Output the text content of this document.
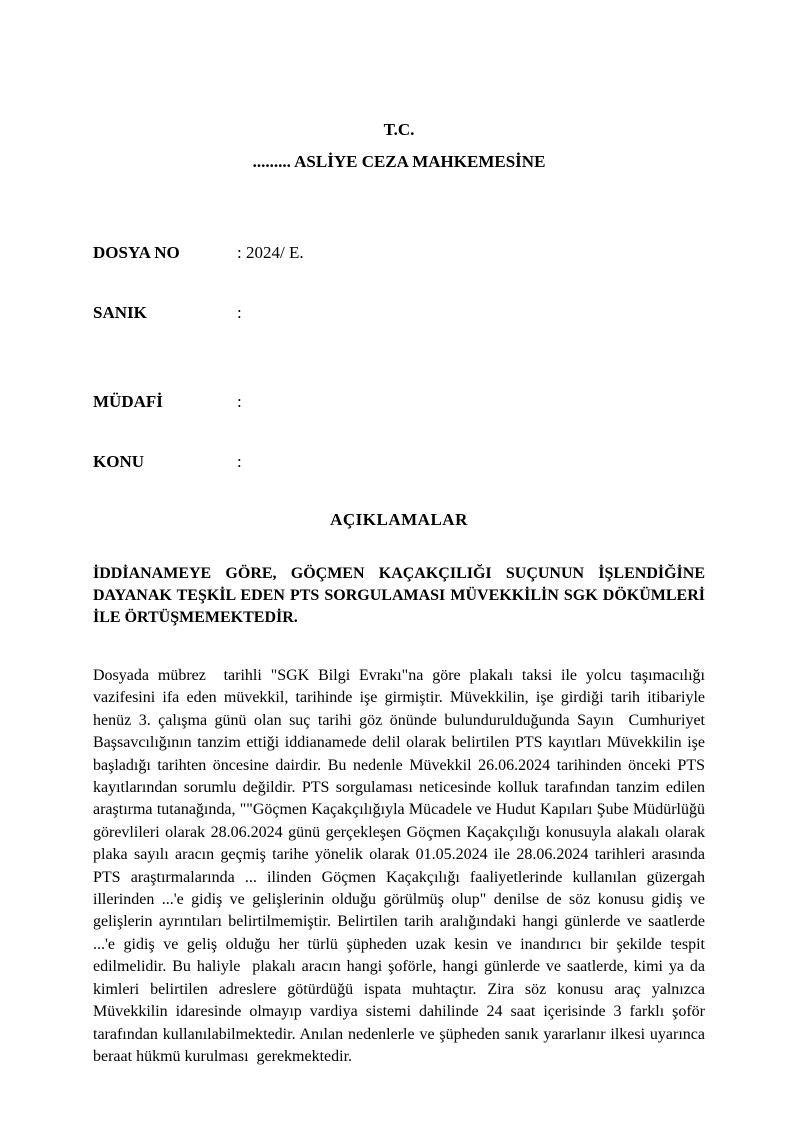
T.C.
......... ASLİYE CEZA MAHKEMESİNE
DOSYA NO	: 2024/ E.
SANIK	:
MÜDAFİ	:
KONU	:
AÇIKLAMALAR

İDDİANAMEYE GÖRE, GÖÇMEN KAÇAKÇILIĞI SUÇUNUN İŞLENDİĞİNE DAYANAK TEŞKİL EDEN PTS SORGULAMASI MÜVEKKİLİN SGK DÖKÜMLERİ İLE ÖRTÜŞMEMEKTEDİR.

Dosyada mübrez  tarihli "SGK Bilgi Evrakı"na göre plakalı taksi ile yolcu taşımacılığı vazifesini ifa eden müvekkil, tarihinde işe girmiştir. Müvekkilin, işe girdiği tarih itibariyle henüz 3. çalışma günü olan suç tarihi göz önünde bulundurulduğunda Sayın  Cumhuriyet Başsavcılığının tanzim ettiği iddianamede delil olarak belirtilen PTS kayıtları Müvekkilin işe başladığı tarihten öncesine dairdir. Bu nedenle Müvekkil 26.06.2024 tarihinden önceki PTS kayıtlarından sorumlu değildir. PTS sorgulaması neticesinde kolluk tarafından tanzim edilen araştırma tutanağında, ""Göçmen Kaçakçılığıyla Mücadele ve Hudut Kapıları Şube Müdürlüğü görevlileri olarak 28.06.2024 günü gerçekleşen Göçmen Kaçakçılığı konusuyla alakalı olarak  plaka sayılı aracın geçmiş tarihe yönelik olarak 01.05.2024 ile 28.06.2024 tarihleri arasında PTS araştırmalarında ... ilinden Göçmen Kaçakçılığı faaliyetlerinde kullanılan güzergah illerinden ...'e gidiş ve gelişlerinin olduğu görülmüş olup" denilse de söz konusu gidiş ve gelişlerin ayrıntıları belirtilmemiştir. Belirtilen tarih aralığındaki hangi günlerde ve saatlerde ...'e gidiş ve geliş olduğu her türlü şüpheden uzak kesin ve inandırıcı bir şekilde tespit edilmelidir. Bu haliyle  plakalı aracın hangi şoförle, hangi günlerde ve saatlerde, kimi ya da kimleri belirtilen adreslere götürdüğü ispata muhtaçtır. Zira söz konusu araç yalnızca Müvekkilin idaresinde olmayıp vardiya sistemi dahilinde 24 saat içerisinde 3 farklı şoför tarafından kullanılabilmektedir. Anılan nedenlerle ve şüpheden sanık yararlanır ilkesi uyarınca beraat hükmü kurulması  gerekmektedir.
